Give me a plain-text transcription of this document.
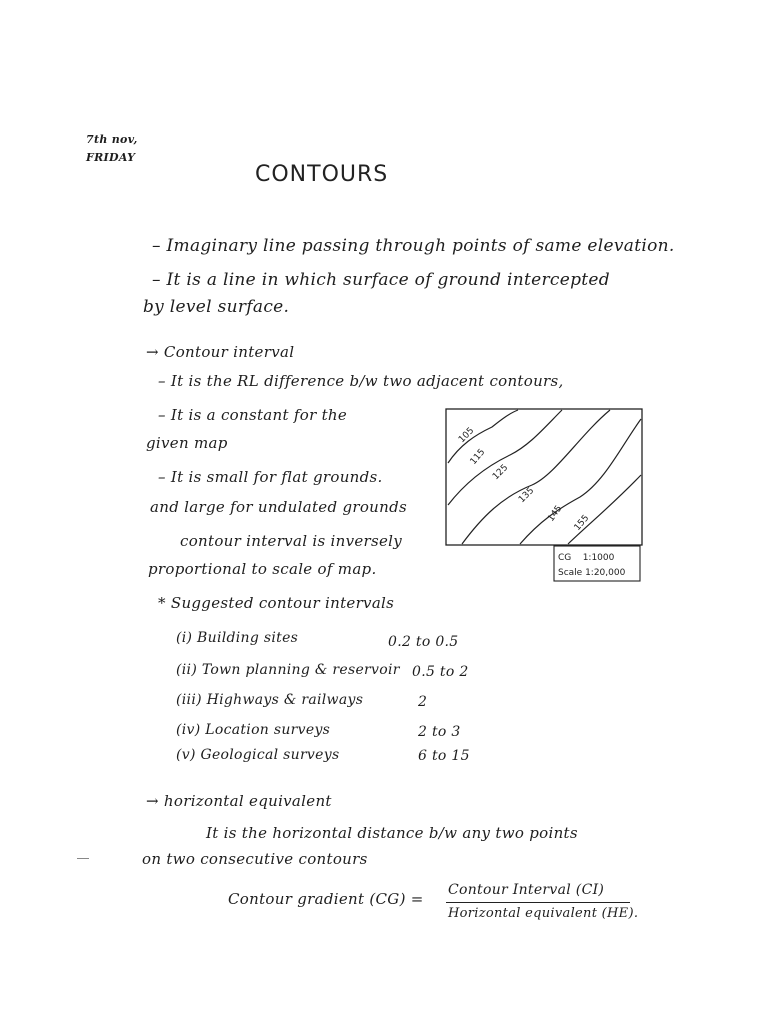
7th nov,
FRIDAY
CONTOURS
– Imaginary line passing through points of same elevation.
– It is a line in which surface of ground intercepted
by level surface.
→ Contour interval
– It is the RL difference b/w two adjacent contours,
– It is a constant for the
given map
– It is small for flat grounds.
and large for undulated grounds
contour interval is inversely
proportional to scale of map.
105
115
125
135
145 155
CG    1:1000
Scale 1:20,000
* Suggested contour intervals
(i) Building sites	0.2 to 0.5
(ii) Town planning & reservoir 0.5 to 2
(iii) Highways & railways	2
(iv) Location surveys	2 to 3
(v) Geological surveys	6 to 15
→ horizontal equivalent
It is the horizontal distance b/w any two points
on two consecutive contours
Contour gradient (CG) = Contour Interval (CI)
Horizontal equivalent (HE).
